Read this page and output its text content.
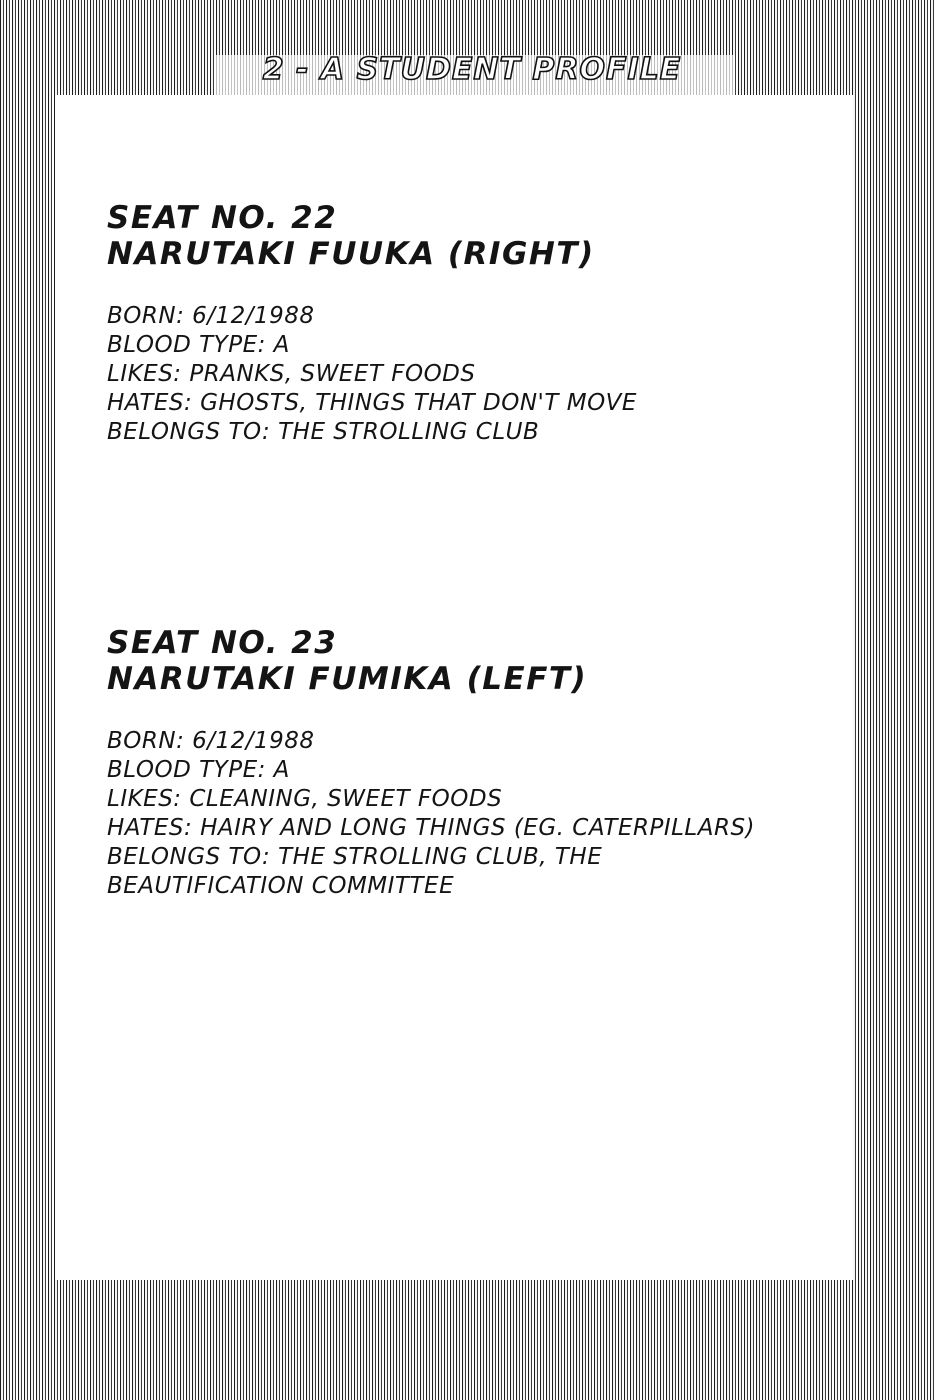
2 - A STUDENT PROFILE

SEAT NO. 22

NARUTAKI FUUKA (RIGHT)

BORN: 6/12/1988

BLOOD TYPE: A

LIKES: PRANKS, SWEET FOODS

HATES: GHOSTS, THINGS THAT DON'T MOVE

BELONGS TO: THE STROLLING CLUB

SEAT NO. 23

NARUTAKI FUMIKA (LEFT)

BORN: 6/12/1988

BLOOD TYPE: A

LIKES: CLEANING, SWEET FOODS

HATES: HAIRY AND LONG THINGS (EG. CATERPILLARS)

BELONGS TO: THE STROLLING CLUB, THE BEAUTIFICATION COMMITTEE
